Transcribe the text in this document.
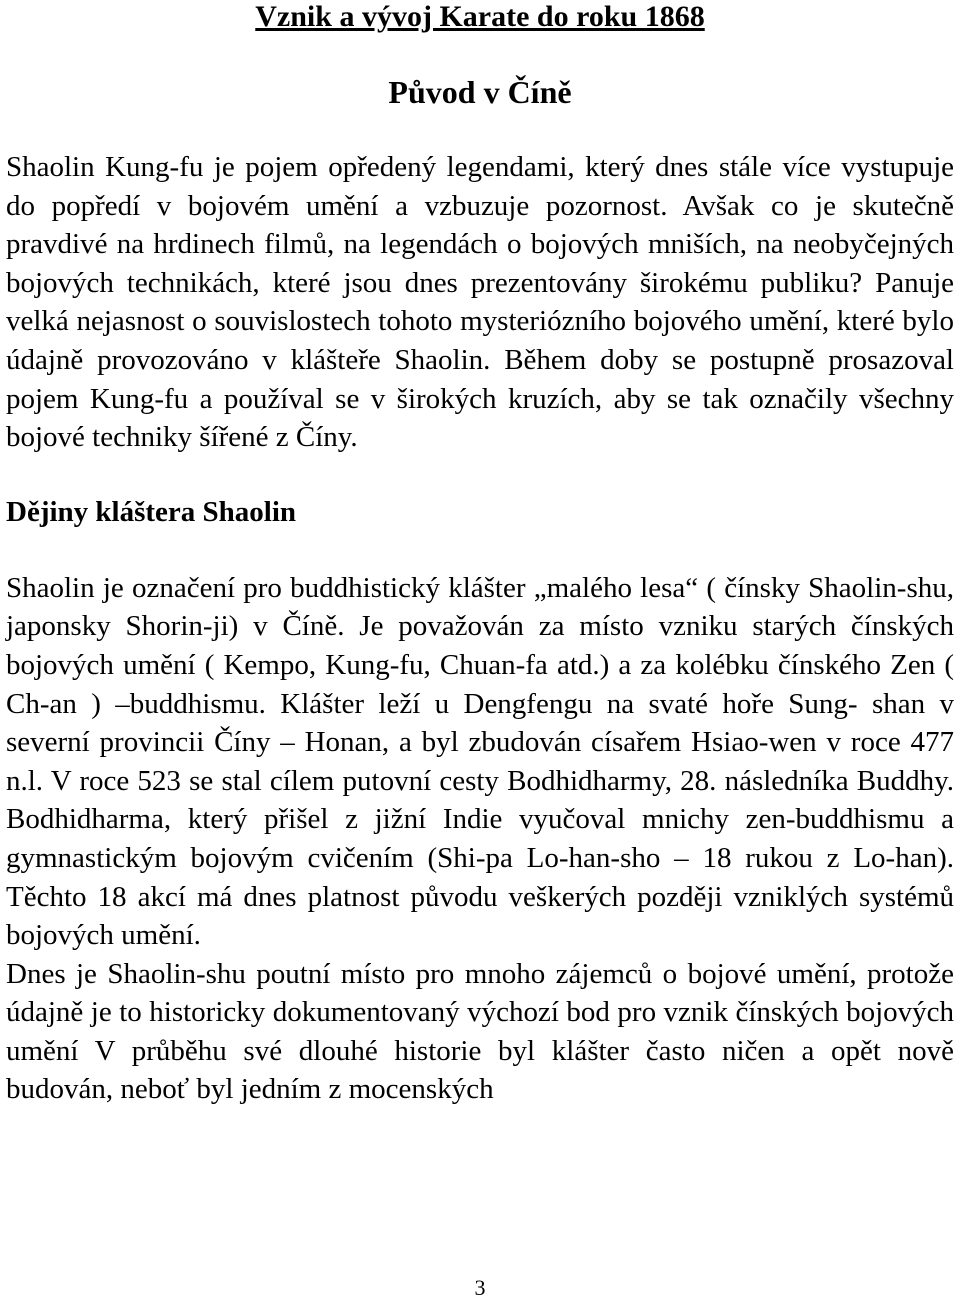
Vznik a vývoj Karate do roku 1868
Původ v Číně

Shaolin Kung-fu je pojem opředený legendami, který dnes stále více vystupuje do popředí v bojovém umění a vzbuzuje pozornost. Avšak co je skutečně pravdivé na hrdinech filmů, na legendách o bojových mniších, na neobyčejných bojových technikách, které jsou dnes prezentovány širokému publiku? Panuje velká nejasnost o souvislostech tohoto mysteriózního bojového umění, které bylo údajně provozováno v klášteře Shaolin. Během doby se postupně prosazoval pojem Kung-fu a používal se v širokých kruzích, aby se tak označily všechny bojové techniky šířené z Číny.

Dějiny kláštera Shaolin

Shaolin je označení pro buddhistický klášter „malého lesa“ ( čínsky Shaolin-shu, japonsky Shorin-ji) v Číně. Je považován za místo vzniku starých čínských bojových umění ( Kempo, Kung-fu, Chuan-fa atd.) a za kolébku čínského Zen ( Ch-an ) –buddhismu. Klášter leží u Dengfengu na svaté hoře Sung- shan v severní provincii Číny – Honan, a byl zbudován císařem Hsiao-wen v roce 477 n.l. V roce 523 se stal cílem putovní cesty Bodhidharmy, 28. následníka Buddhy. Bodhidharma, který přišel z jižní Indie vyučoval mnichy zen-buddhismu a gymnastickým bojovým cvičením (Shi-pa Lo-han-sho – 18 rukou z Lo-han). Těchto 18 akcí má dnes platnost původu veškerých později vzniklých systémů bojových umění.

Dnes je Shaolin-shu poutní místo pro mnoho zájemců o bojové umění, protože údajně je to historicky dokumentovaný výchozí bod pro vznik čínských bojových umění V průběhu své dlouhé historie byl klášter často ničen a opět nově budován, neboť byl jedním z mocenských

3
